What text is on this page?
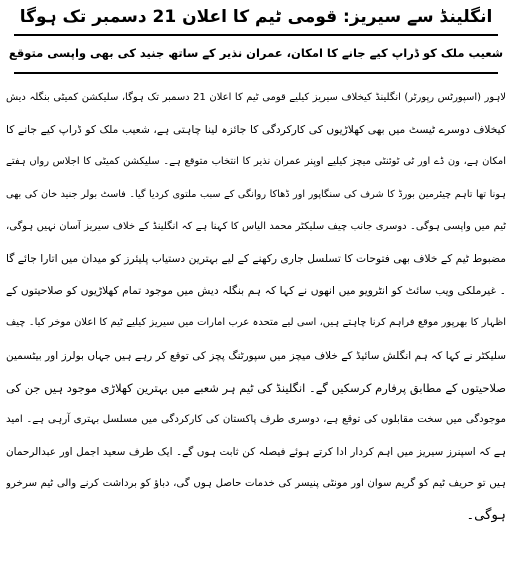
انگلینڈ سے سیریز: قومی ٹیم کا اعلان 21 دسمبر تک ہوگا
شعیب ملک کو ڈراپ کیے جانے کا امکان، عمران نذیر کے ساتھ جنید کی بھی واپسی متوقع
لاہور (اسپورٹس رپورٹر) انگلینڈ کیخلاف سیریز کیلیے قومی ٹیم کا اعلان 21 دسمبر تک ہوگا، سلیکشن کمیٹی بنگلہ دیش
کیخلاف دوسرے ٹیسٹ میں بھی کھلاڑیوں کی کارکردگی کا جائزہ لینا چاہتی ہے، شعیب ملک کو ڈراپ کیے جانے کا
امکان ہے، ون ڈے اور ٹی ٹوئنٹی میچز کیلیے اوپنر عمران نذیر کا انتخاب متوقع ہے۔ سلیکشن کمیٹی کا اجلاس رواں ہفتے
ہونا تھا تاہم چیئرمین بورڈ کا شرف کی سنگاپور اور ڈھاکا روانگی کے سبب ملتوی کردیا گیا۔ فاسٹ بولر جنید خان کی بھی
ٹیم میں واپسی ہوگی۔ دوسری جانب چیف سلیکٹر محمد الیاس کا کہنا ہے کہ انگلینڈ کے خلاف سیریز آسان نہیں ہوگی،
مضبوط ٹیم کے خلاف بھی فتوحات کا تسلسل جاری رکھنے کے لیے بہترین دستیاب پلیئرز کو میدان میں اتارا جائے گا
۔ غیرملکی ویب سائٹ کو انٹرویو میں انھوں نے کہا کہ ہم بنگلہ دیش میں موجود تمام کھلاڑیوں کو صلاحیتوں کے
اظہار کا بھرپور موقع فراہم کرنا چاہتے ہیں، اسی لیے متحدہ عرب امارات میں سیریز کیلیے ٹیم کا اعلان موخر کیا۔ چیف
سلیکٹر نے کہا کہ ہم انگلش سائیڈ کے خلاف میچز میں سپورٹنگ پچز کی توقع کر رہے ہیں جہاں بولرز اور بیٹسمین
صلاحیتوں کے مطابق پرفارم کرسکیں گے۔ انگلینڈ کی ٹیم ہر شعبے میں بہترین کھلاڑی موجود ہیں جن کی
موجودگی میں سخت مقابلوں کی توقع ہے، دوسری طرف پاکستان کی کارکردگی میں مسلسل بہتری آرہی ہے۔ امید
ہے کہ اسپنرز سیریز میں اہم کردار ادا کرتے ہوئے فیصلہ کن ثابت ہوں گے۔ ایک طرف سعید اجمل اور عبدالرحمان
ہیں تو حریف ٹیم کو گریم سوان اور مونٹی پنیسر کی خدمات حاصل ہوں گی، دباؤ کو برداشت کرنے والی ٹیم سرخرو
ہوگی۔
